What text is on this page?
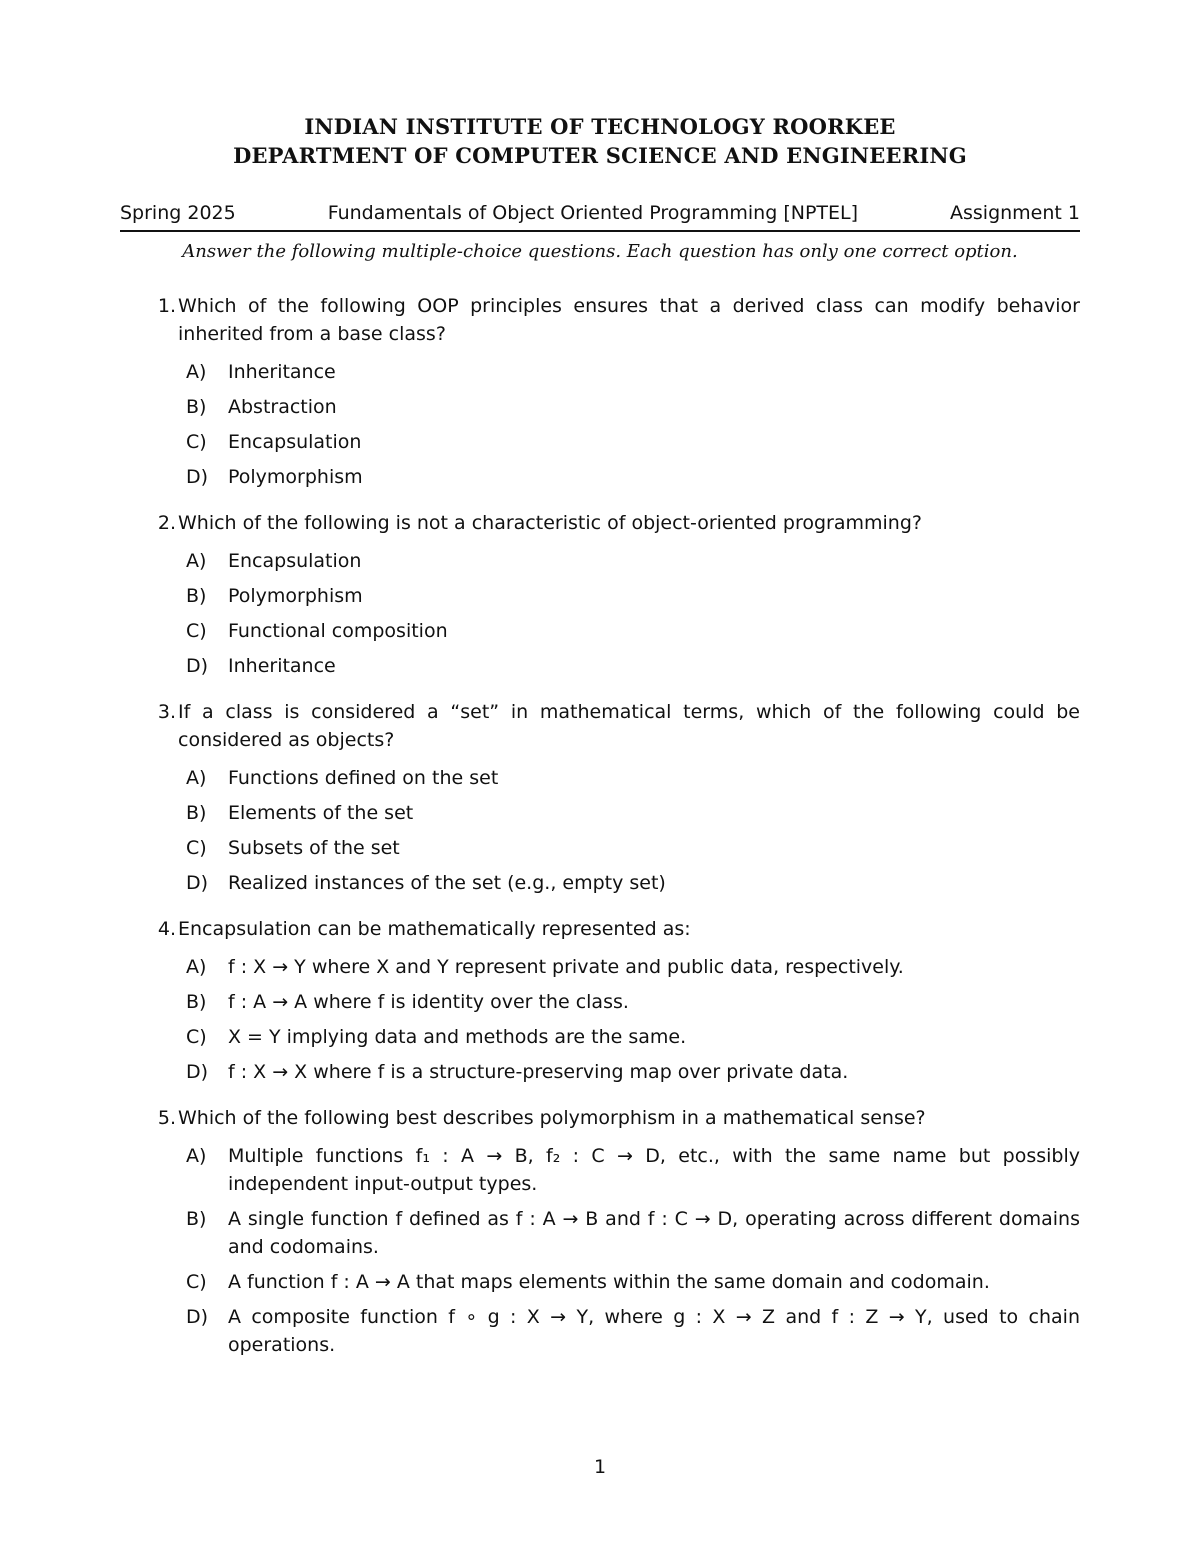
INDIAN INSTITUTE OF TECHNOLOGY ROORKEE
DEPARTMENT OF COMPUTER SCIENCE AND ENGINEERING
Spring 2025	Fundamentals of Object Oriented Programming [NPTEL]	Assignment 1
Answer the following multiple-choice questions. Each question has only one correct option.
1. Which of the following OOP principles ensures that a derived class can modify behavior inherited from a base class?
A)	Inheritance
B)	Abstraction
C)	Encapsulation
D)	Polymorphism
2. Which of the following is not a characteristic of object-oriented programming?
A)	Encapsulation
B)	Polymorphism
C)	Functional composition
D)	Inheritance
3. If a class is considered a “set” in mathematical terms, which of the following could be considered as objects?
A)	Functions defined on the set
B)	Elements of the set
C)	Subsets of the set
D)	Realized instances of the set (e.g., empty set)
4. Encapsulation can be mathematically represented as:
A)	f : X → Y where X and Y represent private and public data, respectively.
B)	f : A → A where f is identity over the class.
C)	X = Y implying data and methods are the same.
D)	f : X → X where f is a structure-preserving map over private data.
5. Which of the following best describes polymorphism in a mathematical sense?
A)	Multiple functions f₁ : A → B, f₂ : C → D, etc., with the same name but possibly independent input-output types.
B)	A single function f defined as f : A → B and f : C → D, operating across different domains and codomains.
C)	A function f : A → A that maps elements within the same domain and codomain.
D)	A composite function f ∘ g : X → Y, where g : X → Z and f : Z → Y, used to chain operations.
1
